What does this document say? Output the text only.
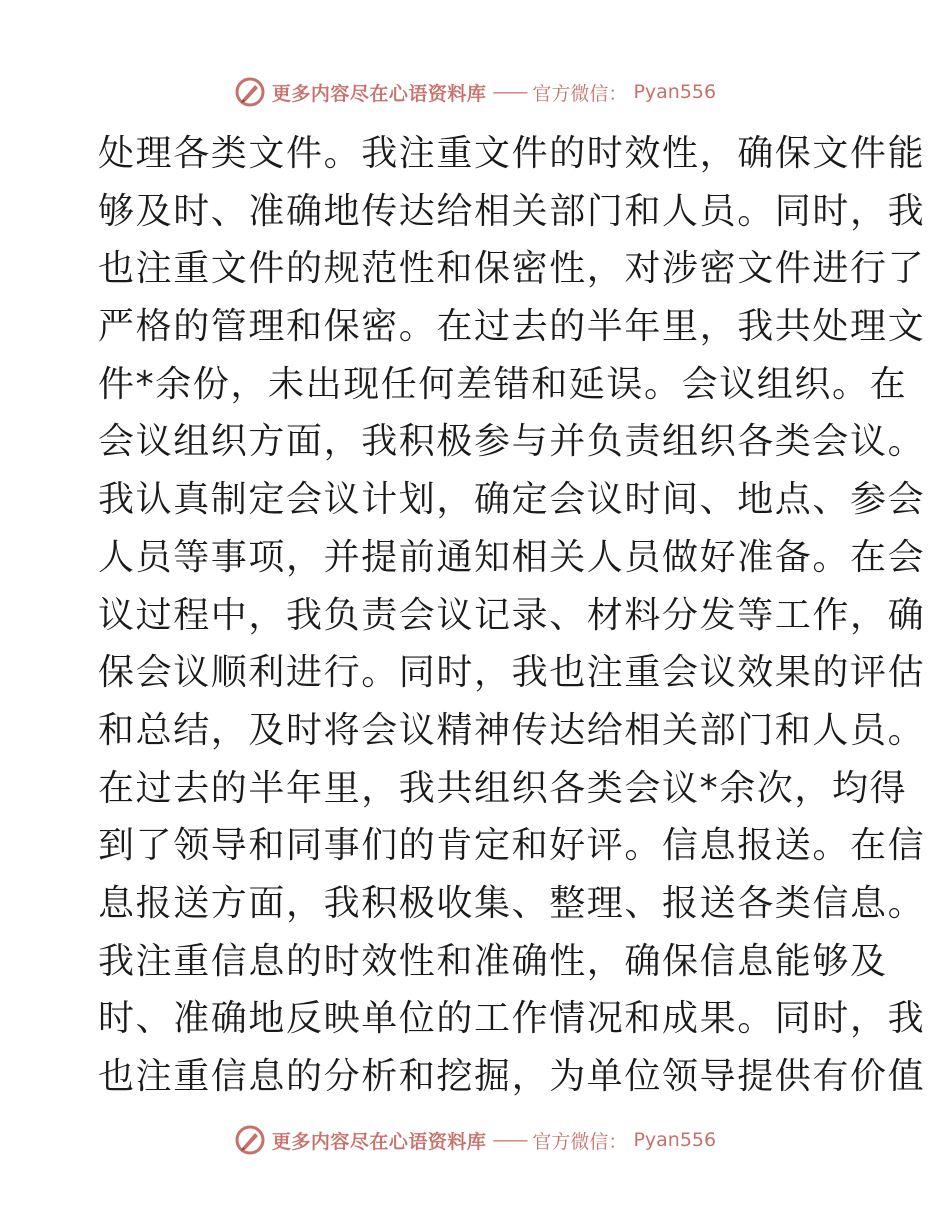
更多内容尽在心语资料库 —— 官方微信： Pyan556
处理各类文件。我注重文件的时效性，确保文件能
够及时、准确地传达给相关部门和人员。同时，我
也注重文件的规范性和保密性，对涉密文件进行了
严格的管理和保密。在过去的半年里，我共处理文
件*余份，未出现任何差错和延误。会议组织。在
会议组织方面，我积极参与并负责组织各类会议。
我认真制定会议计划，确定会议时间、地点、参会
人员等事项，并提前通知相关人员做好准备。在会
议过程中，我负责会议记录、材料分发等工作，确
保会议顺利进行。同时，我也注重会议效果的评估
和总结，及时将会议精神传达给相关部门和人员。
在过去的半年里，我共组织各类会议*余次，均得
到了领导和同事们的肯定和好评。信息报送。在信
息报送方面，我积极收集、整理、报送各类信息。
我注重信息的时效性和准确性，确保信息能够及
时、准确地反映单位的工作情况和成果。同时，我
也注重信息的分析和挖掘，为单位领导提供有价值
更多内容尽在心语资料库 —— 官方微信： Pyan556
